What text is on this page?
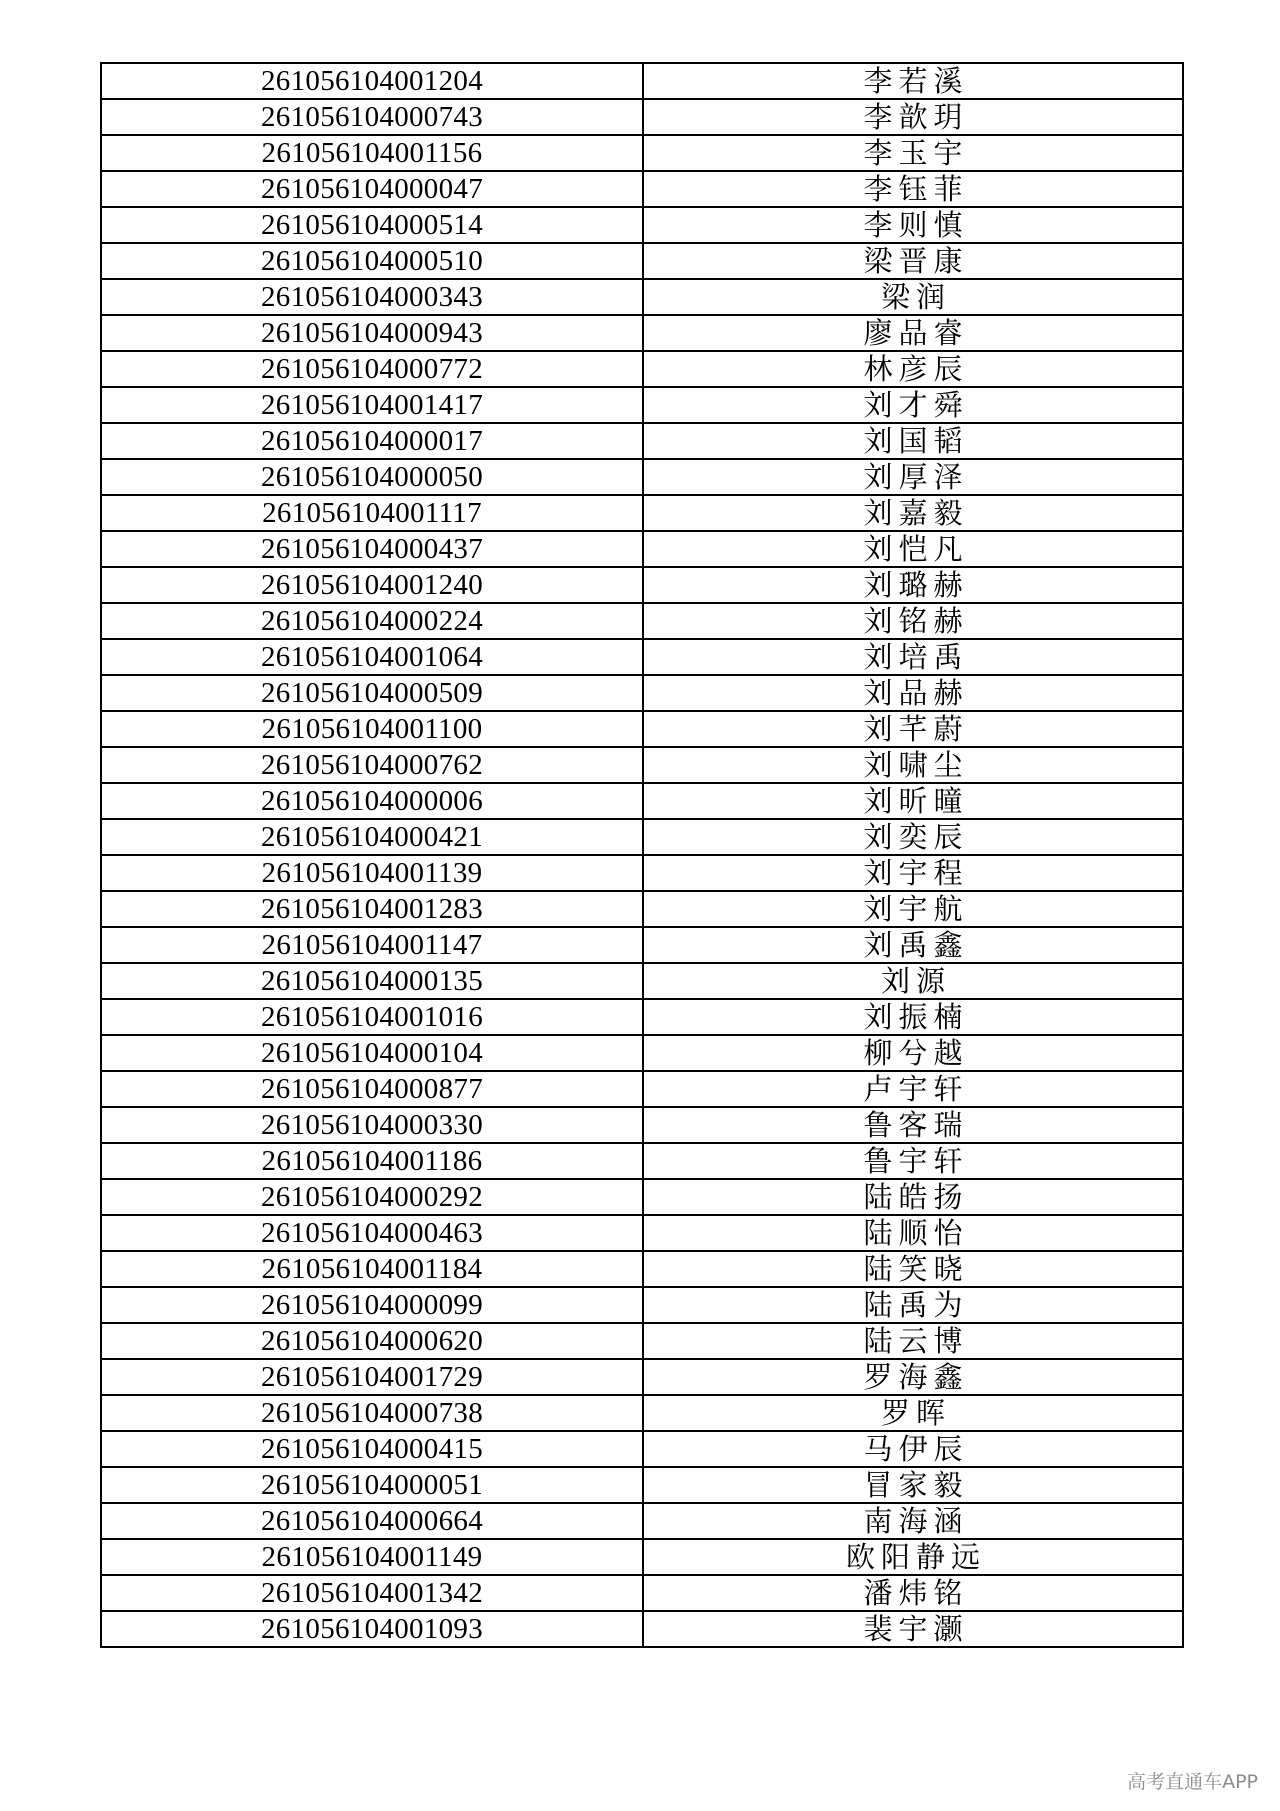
261056104001204	李若溪
261056104000743	李歆玥
261056104001156	李玉宇
261056104000047	李钰菲
261056104000514	李则慎
261056104000510	梁晋康
261056104000343	梁润
261056104000943	廖品睿
261056104000772	林彦辰
261056104001417	刘才舜
261056104000017	刘国韬
261056104000050	刘厚泽
261056104001117	刘嘉毅
261056104000437	刘恺凡
261056104001240	刘璐赫
261056104000224	刘铭赫
261056104001064	刘培禹
261056104000509	刘品赫
261056104001100	刘芊蔚
261056104000762	刘啸尘
261056104000006	刘昕曈
261056104000421	刘奕辰
261056104001139	刘宇程
261056104001283	刘宇航
261056104001147	刘禹鑫
261056104000135	刘源
261056104001016	刘振楠
261056104000104	柳兮越
261056104000877	卢宇轩
261056104000330	鲁客瑞
261056104001186	鲁宇轩
261056104000292	陆皓扬
261056104000463	陆顺怡
261056104001184	陆笑晓
261056104000099	陆禹为
261056104000620	陆云博
261056104001729	罗海鑫
261056104000738	罗晖
261056104000415	马伊辰
261056104000051	冒家毅
261056104000664	南海涵
261056104001149	欧阳静远
261056104001342	潘炜铭
261056104001093	裴宇灏
高考直通车APP
